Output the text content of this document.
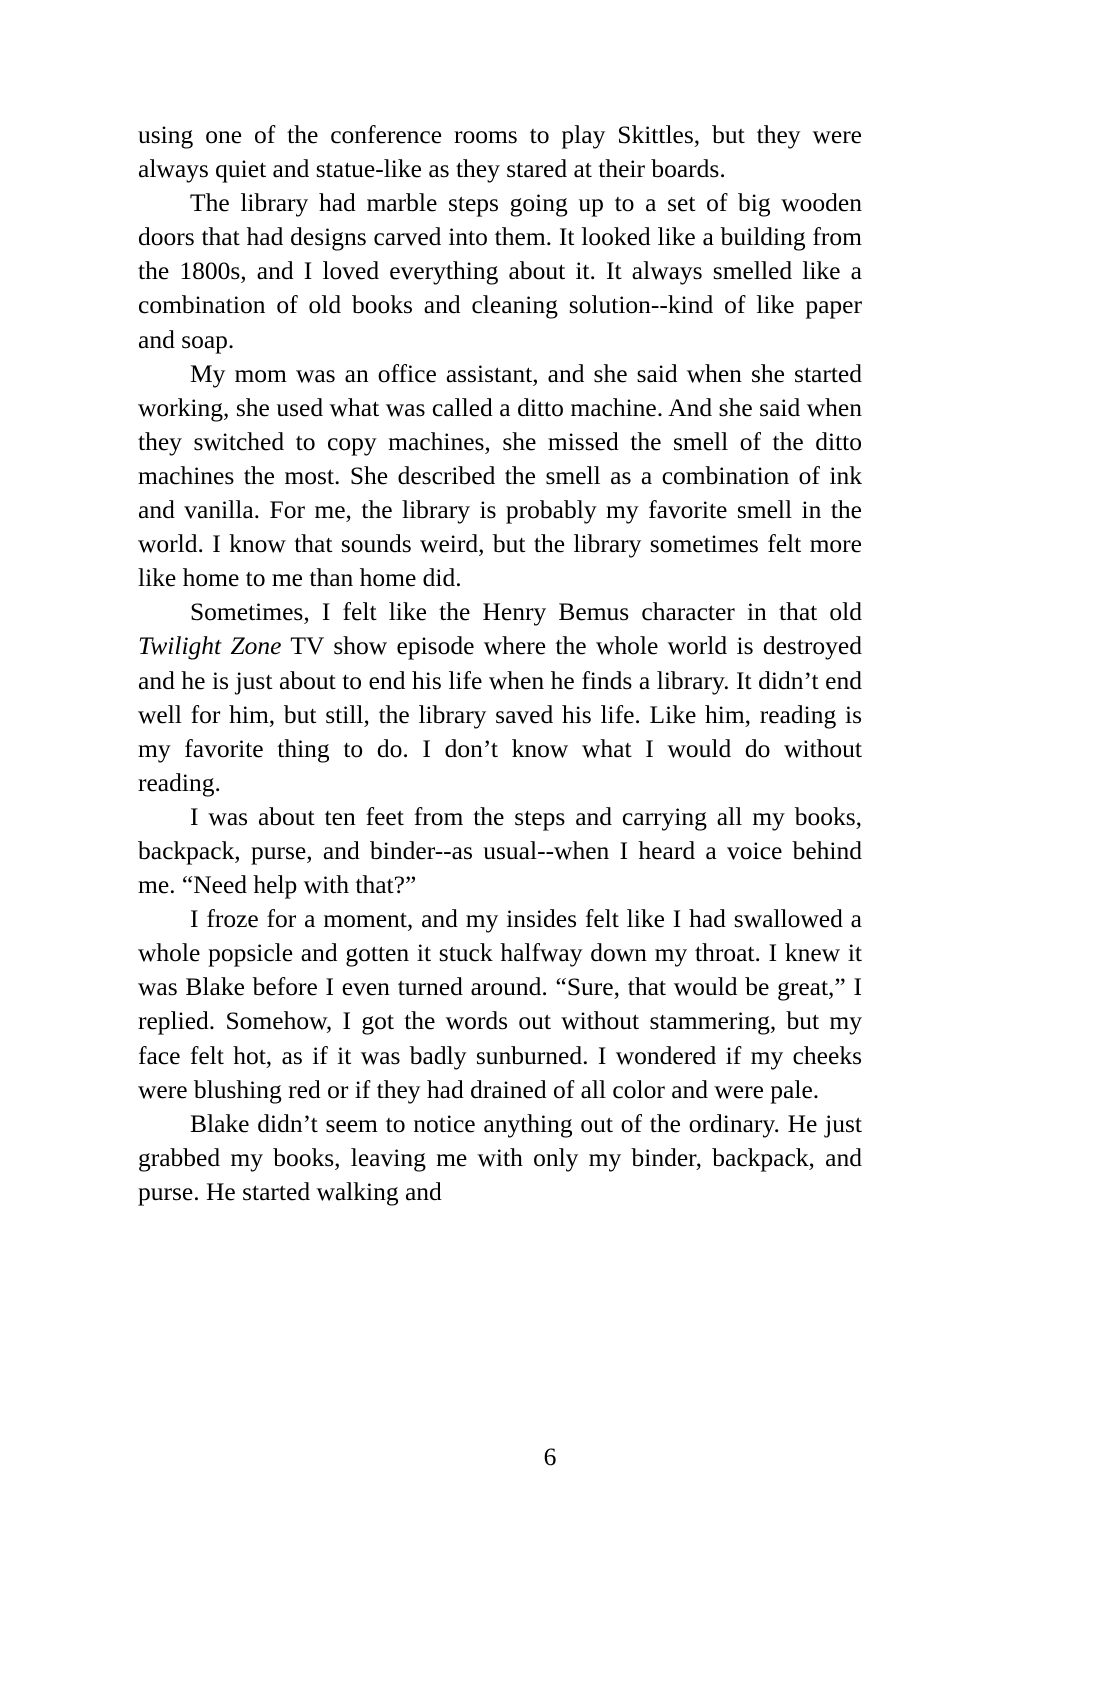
using one of the conference rooms to play Skittles, but they were always quiet and statue-like as they stared at their boards.

The library had marble steps going up to a set of big wooden doors that had designs carved into them. It looked like a building from the 1800s, and I loved everything about it. It always smelled like a combination of old books and cleaning solution--kind of like paper and soap.

My mom was an office assistant, and she said when she started working, she used what was called a ditto machine. And she said when they switched to copy machines, she missed the smell of the ditto machines the most. She described the smell as a combination of ink and vanilla. For me, the library is probably my favorite smell in the world. I know that sounds weird, but the library sometimes felt more like home to me than home did.

Sometimes, I felt like the Henry Bemus character in that old Twilight Zone TV show episode where the whole world is destroyed and he is just about to end his life when he finds a library. It didn’t end well for him, but still, the library saved his life. Like him, reading is my favorite thing to do. I don’t know what I would do without reading.

I was about ten feet from the steps and carrying all my books, backpack, purse, and binder--as usual--when I heard a voice behind me. “Need help with that?”

I froze for a moment, and my insides felt like I had swallowed a whole popsicle and gotten it stuck halfway down my throat. I knew it was Blake before I even turned around. “Sure, that would be great,” I replied. Somehow, I got the words out without stammering, but my face felt hot, as if it was badly sunburned. I wondered if my cheeks were blushing red or if they had drained of all color and were pale.

Blake didn’t seem to notice anything out of the ordinary. He just grabbed my books, leaving me with only my binder, backpack, and purse. He started walking and

6
